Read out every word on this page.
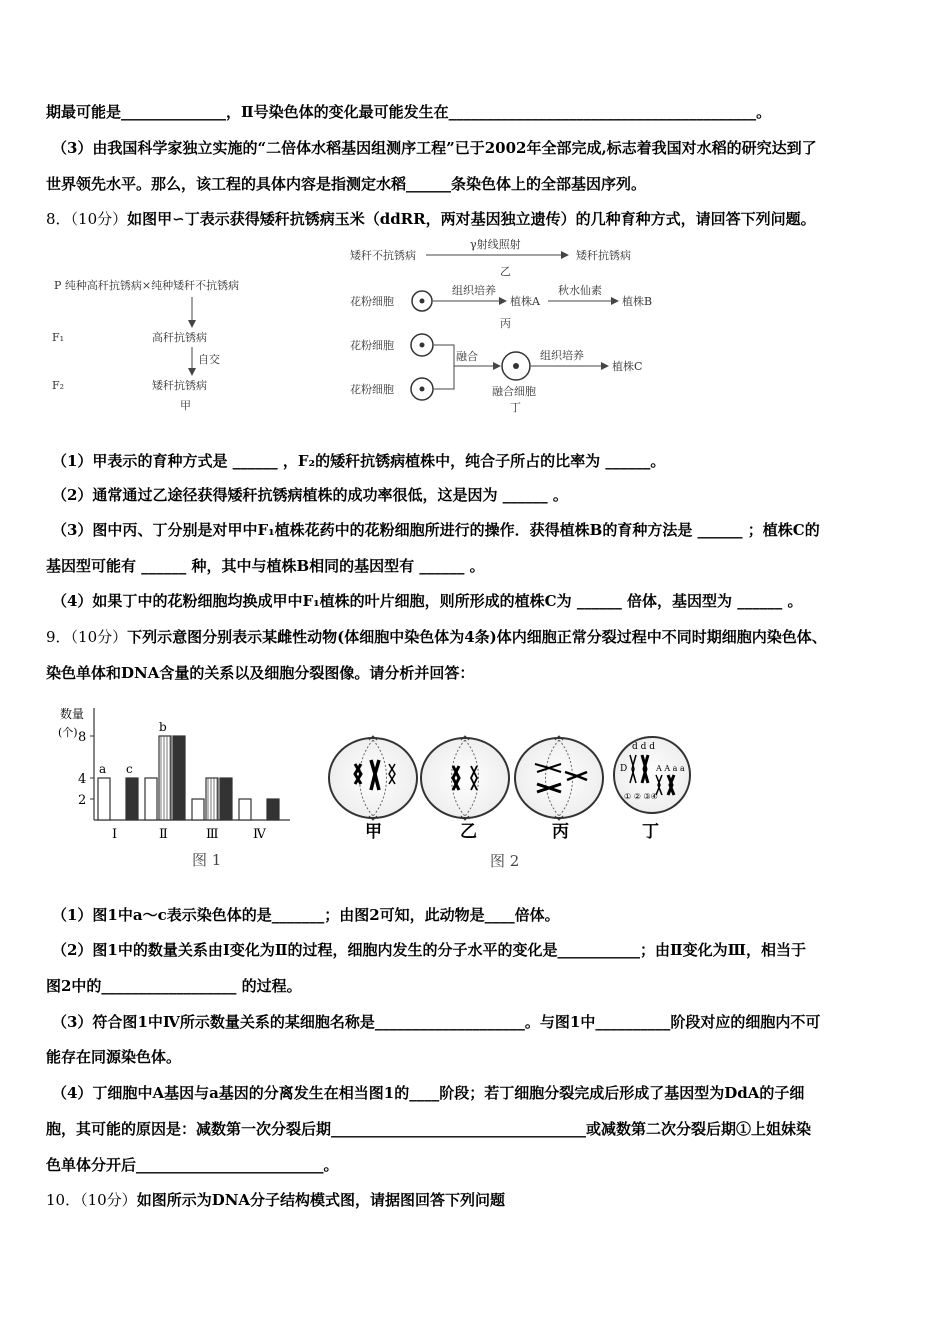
期最可能是______________，Ⅱ号染色体的变化最可能发生在_________________________________________。
（3）由我国科学家独立实施的“二倍体水稻基因组测序工程”已于2002年全部完成,标志着我国对水稻的研究达到了
世界领先水平。那么，该工程的具体内容是指测定水稻______条染色体上的全部基因序列。
8．（10分）如图甲∽丁表示获得矮秆抗锈病玉米（ddRR，两对基因独立遗传）的几种育种方式，请回答下列问题。
P 纯种高秆抗锈病×纯种矮秆不抗锈病
F₁	高秆抗锈病
自交
F₂	矮秆抗锈病
甲
矮秆不抗锈病
γ射线照射
矮秆抗锈病
乙
花粉细胞
组织培养
植株A
秋水仙素
植株B
丙
花粉细胞
花粉细胞
融合	组织培养
植株C
融合细胞
丁
（1）甲表示的育种方式是 ______ ，F₂的矮秆抗锈病植株中，纯合子所占的比率为 ______。
（2）通常通过乙途径获得矮秆抗锈病植株的成功率很低，这是因为 ______ 。
（3）图中丙、丁分别是对甲中F₁植株花药中的花粉细胞所进行的操作．获得植株B的育种方法是 ______ ；植株C的
基因型可能有 ______ 种，其中与植株B相同的基因型有 ______ 。
（4）如果丁中的花粉细胞均换成甲中F₁植株的叶片细胞，则所形成的植株C为 ______ 倍体，基因型为 ______ 。
9．（10分）下列示意图分别表示某雌性动物(体细胞中染色体为4条)体内细胞正常分裂过程中不同时期细胞内染色体、
染色单体和DNA含量的关系以及细胞分裂图像。请分析并回答：
数量
(个)
2
4
8
Ⅰ	Ⅱ	Ⅲ	Ⅳ
a
b
c
图 1
d d d
D	A A a a
① ② ③④
甲	乙	丙	丁
图 2
（1）图1中a～c表示染色体的是_______；由图2可知，此动物是____倍体。
（2）图1中的数量关系由Ⅰ变化为Ⅱ的过程，细胞内发生的分子水平的变化是___________；由Ⅱ变化为Ⅲ，相当于
图2中的__________________ 的过程。
（3）符合图1中Ⅳ所示数量关系的某细胞名称是____________________。与图1中__________阶段对应的细胞内不可
能存在同源染色体。
（4）丁细胞中A基因与a基因的分离发生在相当图1的____阶段；若丁细胞分裂完成后形成了基因型为DdA的子细
胞，其可能的原因是：减数第一次分裂后期__________________________________或减数第二次分裂后期①上姐妹染
色单体分开后_________________________。
10．（10分）如图所示为DNA分子结构模式图，请据图回答下列问题
